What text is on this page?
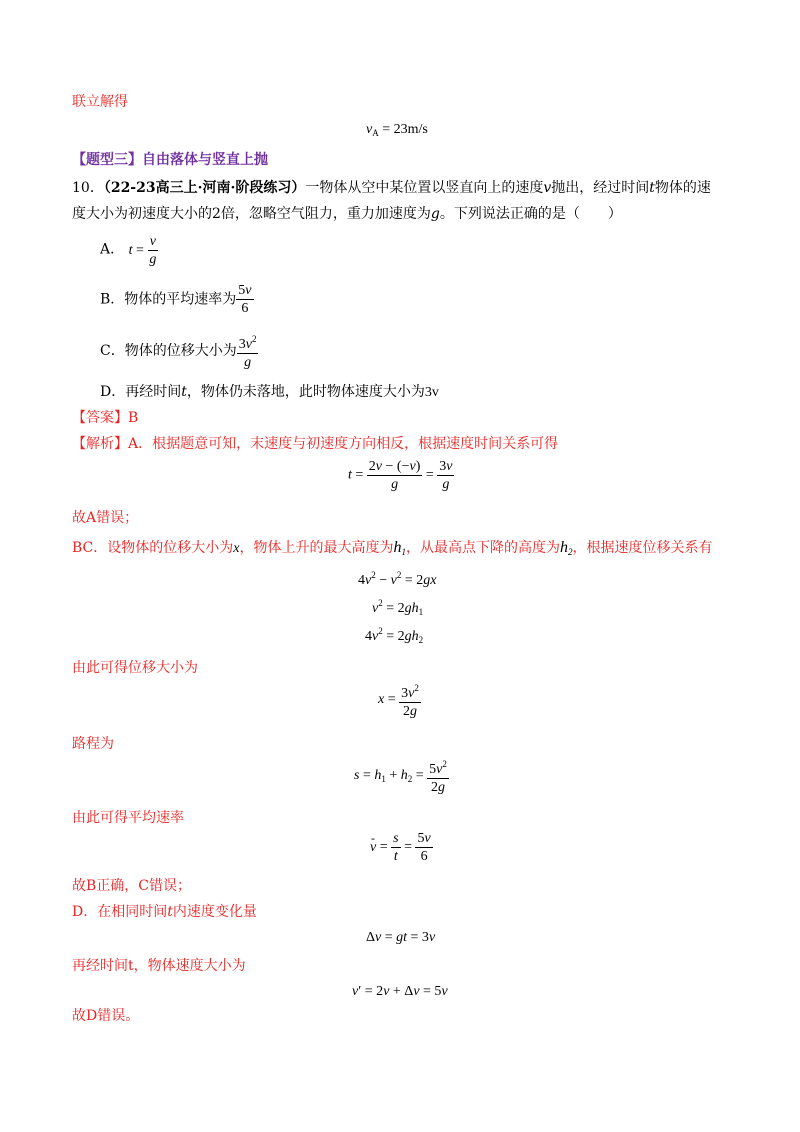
联立解得
$v_A = 23m/s$
【题型三】自由落体与竖直上抛
10．（22-23高三上·河南·阶段练习）一物体从空中某位置以竖直向上的速度v抛出，经过时间t物体的速
度大小为初速度大小的2倍，忽略空气阻力，重力加速度为g。下列说法正确的是（　　）
A． $t = \frac{v}{g}$
B．物体的平均速率为 $\frac{5v}{6}$
C．物体的位移大小为 $\frac{3v^2}{g}$
D．再经时间t，物体仍未落地，此时物体速度大小为3v
【答案】B
【解析】A．根据题意可知，末速度与初速度方向相反，根据速度时间关系可得
$t = \frac{2v - (-v)}{g} = \frac{3v}{g}$
故A错误；
BC．设物体的位移大小为x，物体上升的最大高度为$h_1$，从最高点下降的高度为$h_2$，根据速度位移关系有
$4v^2 - v^2 = 2gx$
$v^2 = 2gh_1$
$4v^2 = 2gh_2$
由此可得位移大小为
$x = \frac{3v^2}{2g}$
路程为
$s = h_1 + h_2 = \frac{5v^2}{2g}$
由此可得平均速率
- $v = \frac{s}{t} = \frac{5v}{6}$
故B正确，C错误；
D．在相同时间t内速度变化量
Δv = gt = 3v
再经时间t，物体速度大小为
v′ = 2v + Δv = 5v
故D错误。
